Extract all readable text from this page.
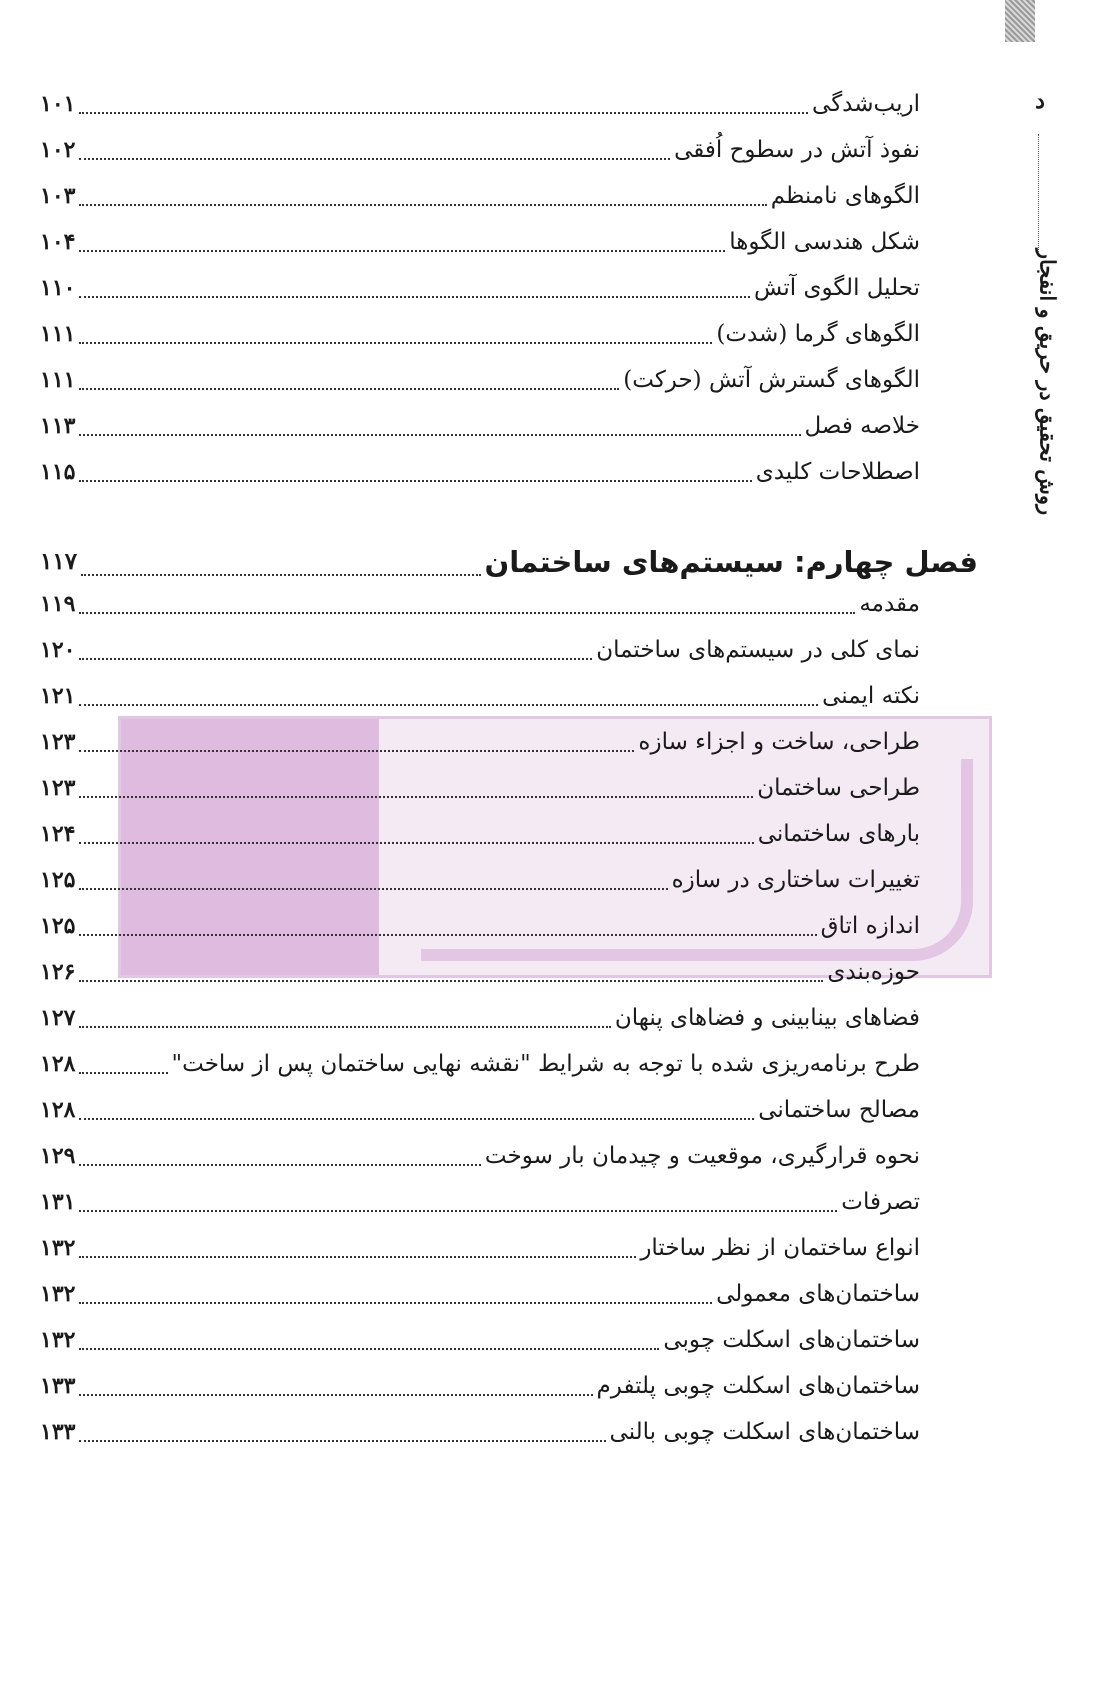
د
روش تحقیق در حریق و انفجار
اریب‌شدگی
۱۰۱
نفوذ آتش در سطوح اُفقی
۱۰۲
الگوهای نامنظم
۱۰۳
شکل هندسی الگوها
۱۰۴
تحلیل الگوی آتش
۱۱۰
الگوهای گرما (شدت)
۱۱۱
الگوهای گسترش آتش (حرکت)
۱۱۱
خلاصه فصل
۱۱۳
اصطلاحات کلیدی
۱۱۵
فصل چهارم: سیستم‌های ساختمان
۱۱۷
مقدمه
۱۱۹
نمای کلی در سیستم‌های ساختمان
۱۲۰
نکته ایمنی
۱۲۱
طراحی، ساخت و اجزاء سازه
۱۲۳
طراحی ساختمان
۱۲۳
بارهای ساختمانی
۱۲۴
تغییرات ساختاری در سازه
۱۲۵
اندازه اتاق
۱۲۵
حوزه‌بندی
۱۲۶
فضاهای بینابینی و فضاهای پنهان
۱۲۷
طرح برنامه‌ریزی شده با توجه به شرایط "نقشه نهایی ساختمان پس از ساخت"
۱۲۸
مصالح ساختمانی
۱۲۸
نحوه قرارگیری، موقعیت و چیدمان بار سوخت
۱۲۹
تصرفات
۱۳۱
انواع ساختمان از نظر ساختار
۱۳۲
ساختمان‌های معمولی
۱۳۲
ساختمان‌های اسکلت چوبی
۱۳۲
ساختمان‌های اسکلت چوبی پلتفرم
۱۳۳
ساختمان‌های اسکلت چوبی بالنی
۱۳۳
